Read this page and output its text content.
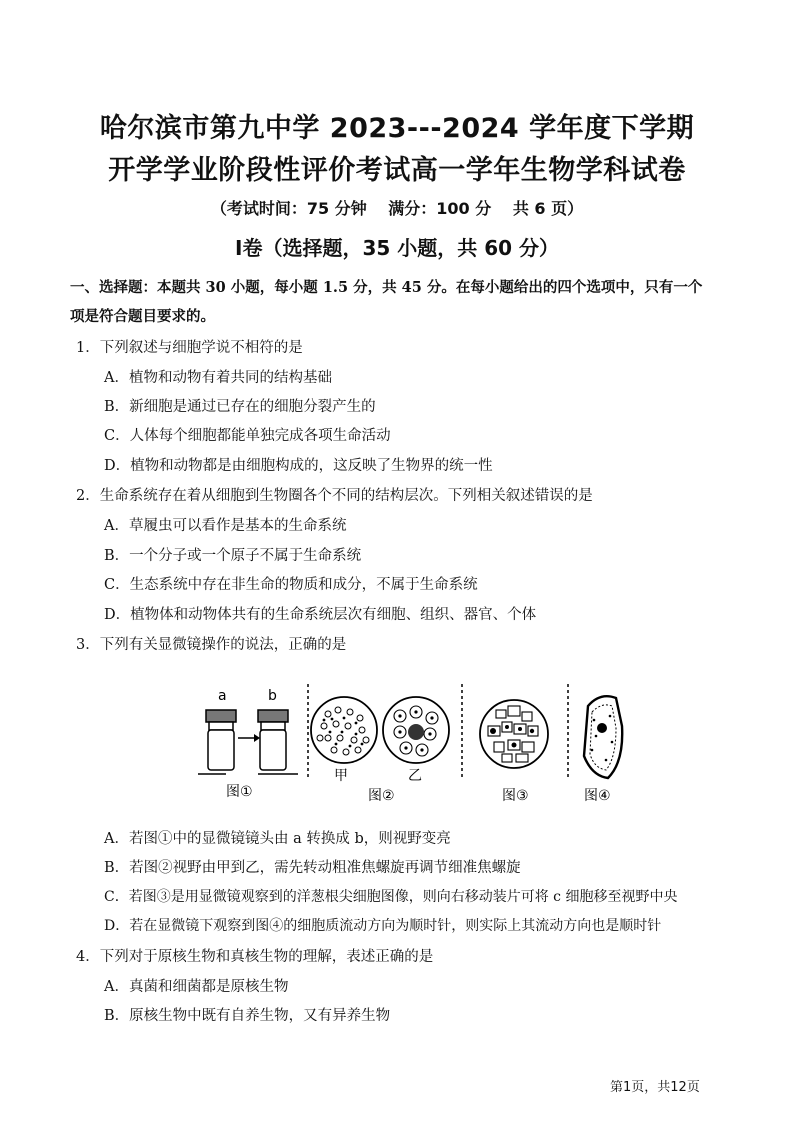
哈尔滨市第九中学 2023---2024 学年度下学期
开学学业阶段性评价考试高一学年生物学科试卷
（考试时间：75 分钟　 满分：100 分　 共 6 页）
Ⅰ卷（选择题，35 小题，共 60 分）
一、选择题：本题共 30 小题，每小题 1.5 分，共 45 分。在每小题给出的四个选项中，只有一个
项是符合题目要求的。
1．下列叙述与细胞学说不相符的是
A．植物和动物有着共同的结构基础
B．新细胞是通过已存在的细胞分裂产生的
C．人体每个细胞都能单独完成各项生命活动
D．植物和动物都是由细胞构成的，这反映了生物界的统一性
2．生命系统存在着从细胞到生物圈各个不同的结构层次。下列相关叙述错误的是
A．草履虫可以看作是基本的生命系统
B．一个分子或一个原子不属于生命系统
C．生态系统中存在非生命的物质和成分，不属于生命系统
D．植物体和动物体共有的生命系统层次有细胞、组织、器官、个体
3．下列有关显微镜操作的说法，正确的是
a	b
图①
甲	乙
图②	图③	图④
A．若图①中的显微镜镜头由 a 转换成 b，则视野变亮
B．若图②视野由甲到乙，需先转动粗准焦螺旋再调节细准焦螺旋
C．若图③是用显微镜观察到的洋葱根尖细胞图像，则向右移动装片可将 c 细胞移至视野中央
D．若在显微镜下观察到图④的细胞质流动方向为顺时针，则实际上其流动方向也是顺时针
4．下列对于原核生物和真核生物的理解，表述正确的是
A．真菌和细菌都是原核生物
B．原核生物中既有自养生物，又有异养生物
第1页，共12页
